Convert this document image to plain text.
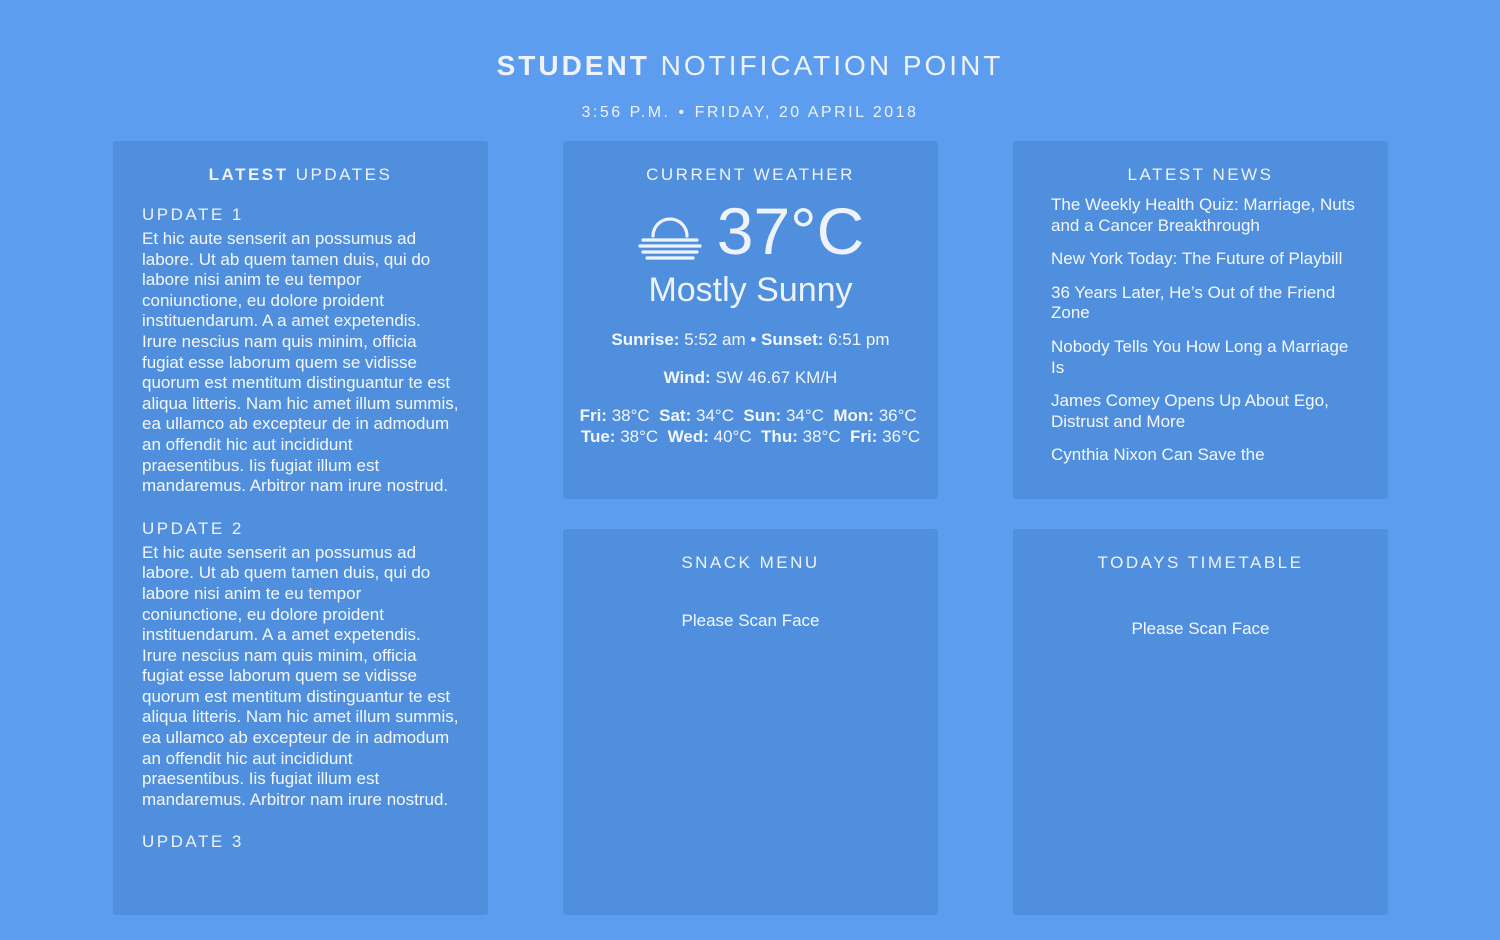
STUDENT NOTIFICATION POINT
3:56 P.M. • FRIDAY, 20 APRIL 2018
LATEST UPDATES
UPDATE 1
Et hic aute senserit an possumus ad labore. Ut ab quem tamen duis, qui do labore nisi anim te eu tempor coniunctione, eu dolore proident instituendarum. A a amet expetendis. Irure nescius nam quis minim, officia fugiat esse laborum quem se vidisse quorum est mentitum distinguantur te est aliqua litteris. Nam hic amet illum summis, ea ullamco ab excepteur de in admodum an offendit hic aut incididunt praesentibus. Iis fugiat illum est mandaremus. Arbitror nam irure nostrud.
UPDATE 2
Et hic aute senserit an possumus ad labore. Ut ab quem tamen duis, qui do labore nisi anim te eu tempor coniunctione, eu dolore proident instituendarum. A a amet expetendis. Irure nescius nam quis minim, officia fugiat esse laborum quem se vidisse quorum est mentitum distinguantur te est aliqua litteris. Nam hic amet illum summis, ea ullamco ab excepteur de in admodum an offendit hic aut incididunt praesentibus. Iis fugiat illum est mandaremus. Arbitror nam irure nostrud.
UPDATE 3
CURRENT WEATHER
37°C
Mostly Sunny
Sunrise: 5:52 am • Sunset: 6:51 pm
Wind: SW 46.67 KM/H
Fri: 38°C Sat: 34°C Sun: 34°C Mon: 36°C  Tue: 38°C Wed: 40°C Thu: 38°C Fri: 36°C
LATEST NEWS
The Weekly Health Quiz: Marriage, Nuts and a Cancer Breakthrough
New York Today: The Future of Playbill
36 Years Later, He’s Out of the Friend Zone
Nobody Tells You How Long a Marriage Is
James Comey Opens Up About Ego, Distrust and More
Cynthia Nixon Can Save the
SNACK MENU
Please Scan Face
TODAYS TIMETABLE
Please Scan Face
